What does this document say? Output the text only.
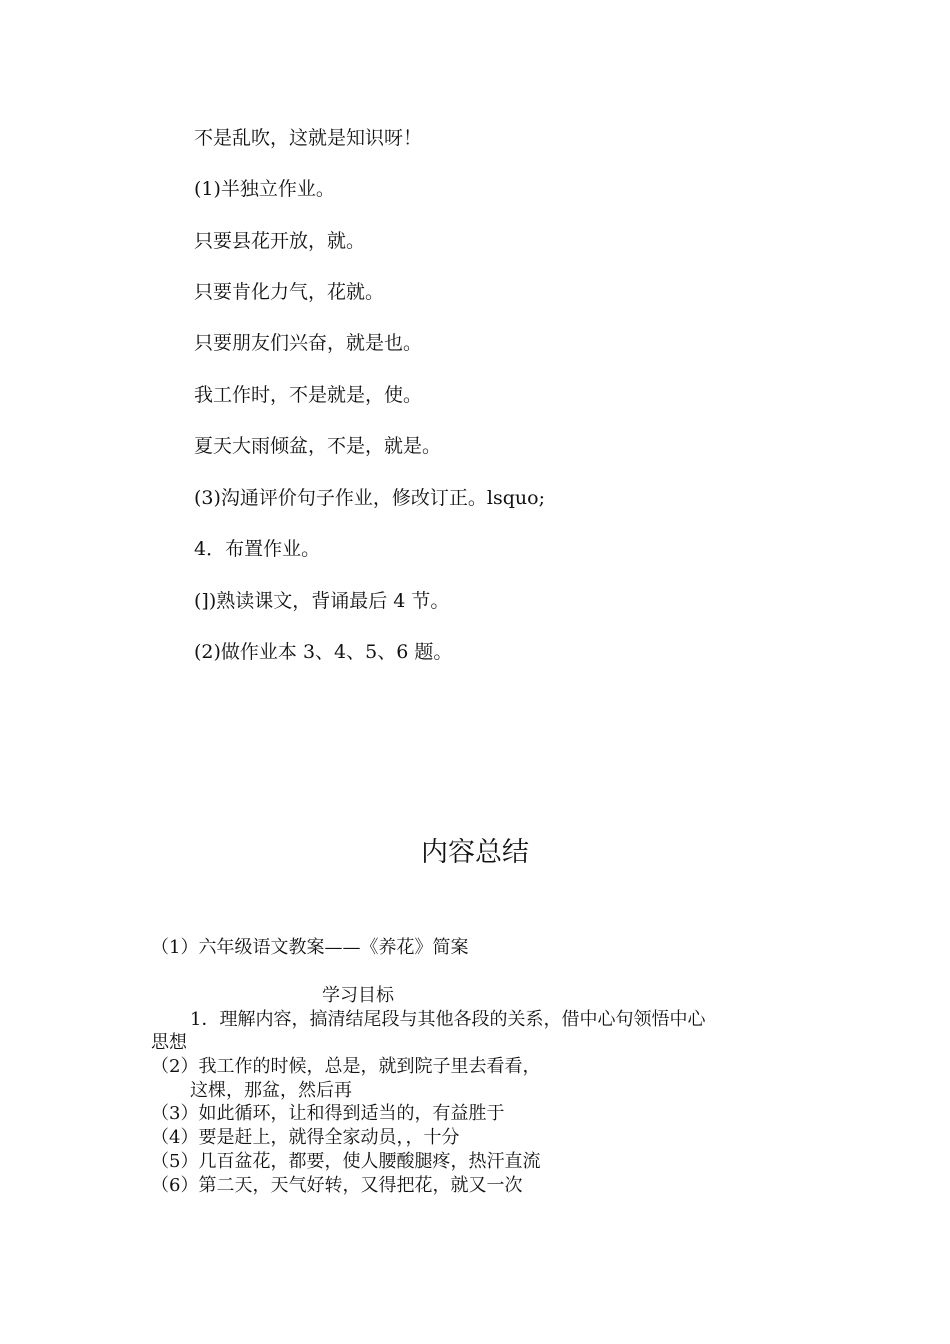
不是乱吹，这就是知识呀！
(1)半独立作业。
只要县花开放，就。
只要肯化力气，花就。
只要朋友们兴奋，就是也。
我工作时，不是就是，使。
夏天大雨倾盆，不是，就是。
(3)沟通评价句子作业，修改订正。lsquo;
4．布置作业。
(])熟读课文，背诵最后 4 节。
(2)做作业本 3、4、5、6 题。
内容总结
（1）六年级语文教案——《养花》简案
学习目标
1．理解内容，搞清结尾段与其他各段的关系，借中心句领悟中心
思想
（2）我工作的时候，总是，就到院子里去看看，
这棵，那盆，然后再
（3）如此循环，让和得到适当的，有益胜于
（4）要是赶上，就得全家动员，，十分
（5）几百盆花，都要，使人腰酸腿疼，热汗直流
（6）第二天，天气好转，又得把花，就又一次
